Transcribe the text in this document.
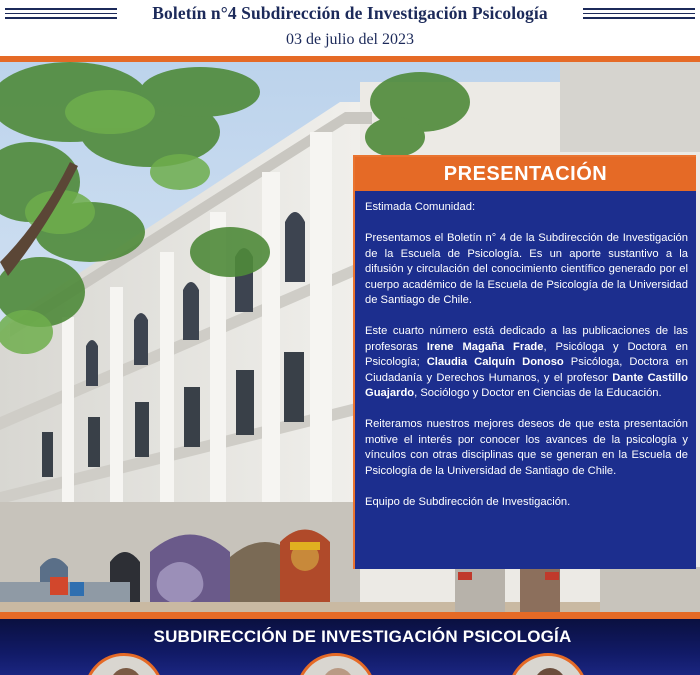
Boletín n°4 Subdirección de Investigación Psicología
03 de julio del 2023
PRESENTACIÓN

Estimada Comunidad:

Presentamos el Boletín n° 4 de la Subdirección de Investigación de la Escuela de Psicología. Es un aporte sustantivo a la difusión y circulación del conocimiento científico generado por el cuerpo académico de la Escuela de Psicología de la Universidad de Santiago de Chile.

Este cuarto número está dedicado a las publicaciones de las profesoras Irene Magaña Frade, Psicóloga y Doctora en Psicología; Claudia Calquín Donoso Psicóloga, Doctora en Ciudadanía y Derechos Humanos, y el profesor Dante Castillo Guajardo, Sociólogo y Doctor en Ciencias de la Educación.

Reiteramos nuestros mejores deseos de que esta presentación motive el interés por conocer los avances de la psicología y vínculos con otras disciplinas que se generan en la Escuela de Psicología de la Universidad de Santiago de Chile.

Equipo de Subdirección de Investigación.

SUBDIRECCIÓN DE INVESTIGACIÓN PSICOLOGÍA
